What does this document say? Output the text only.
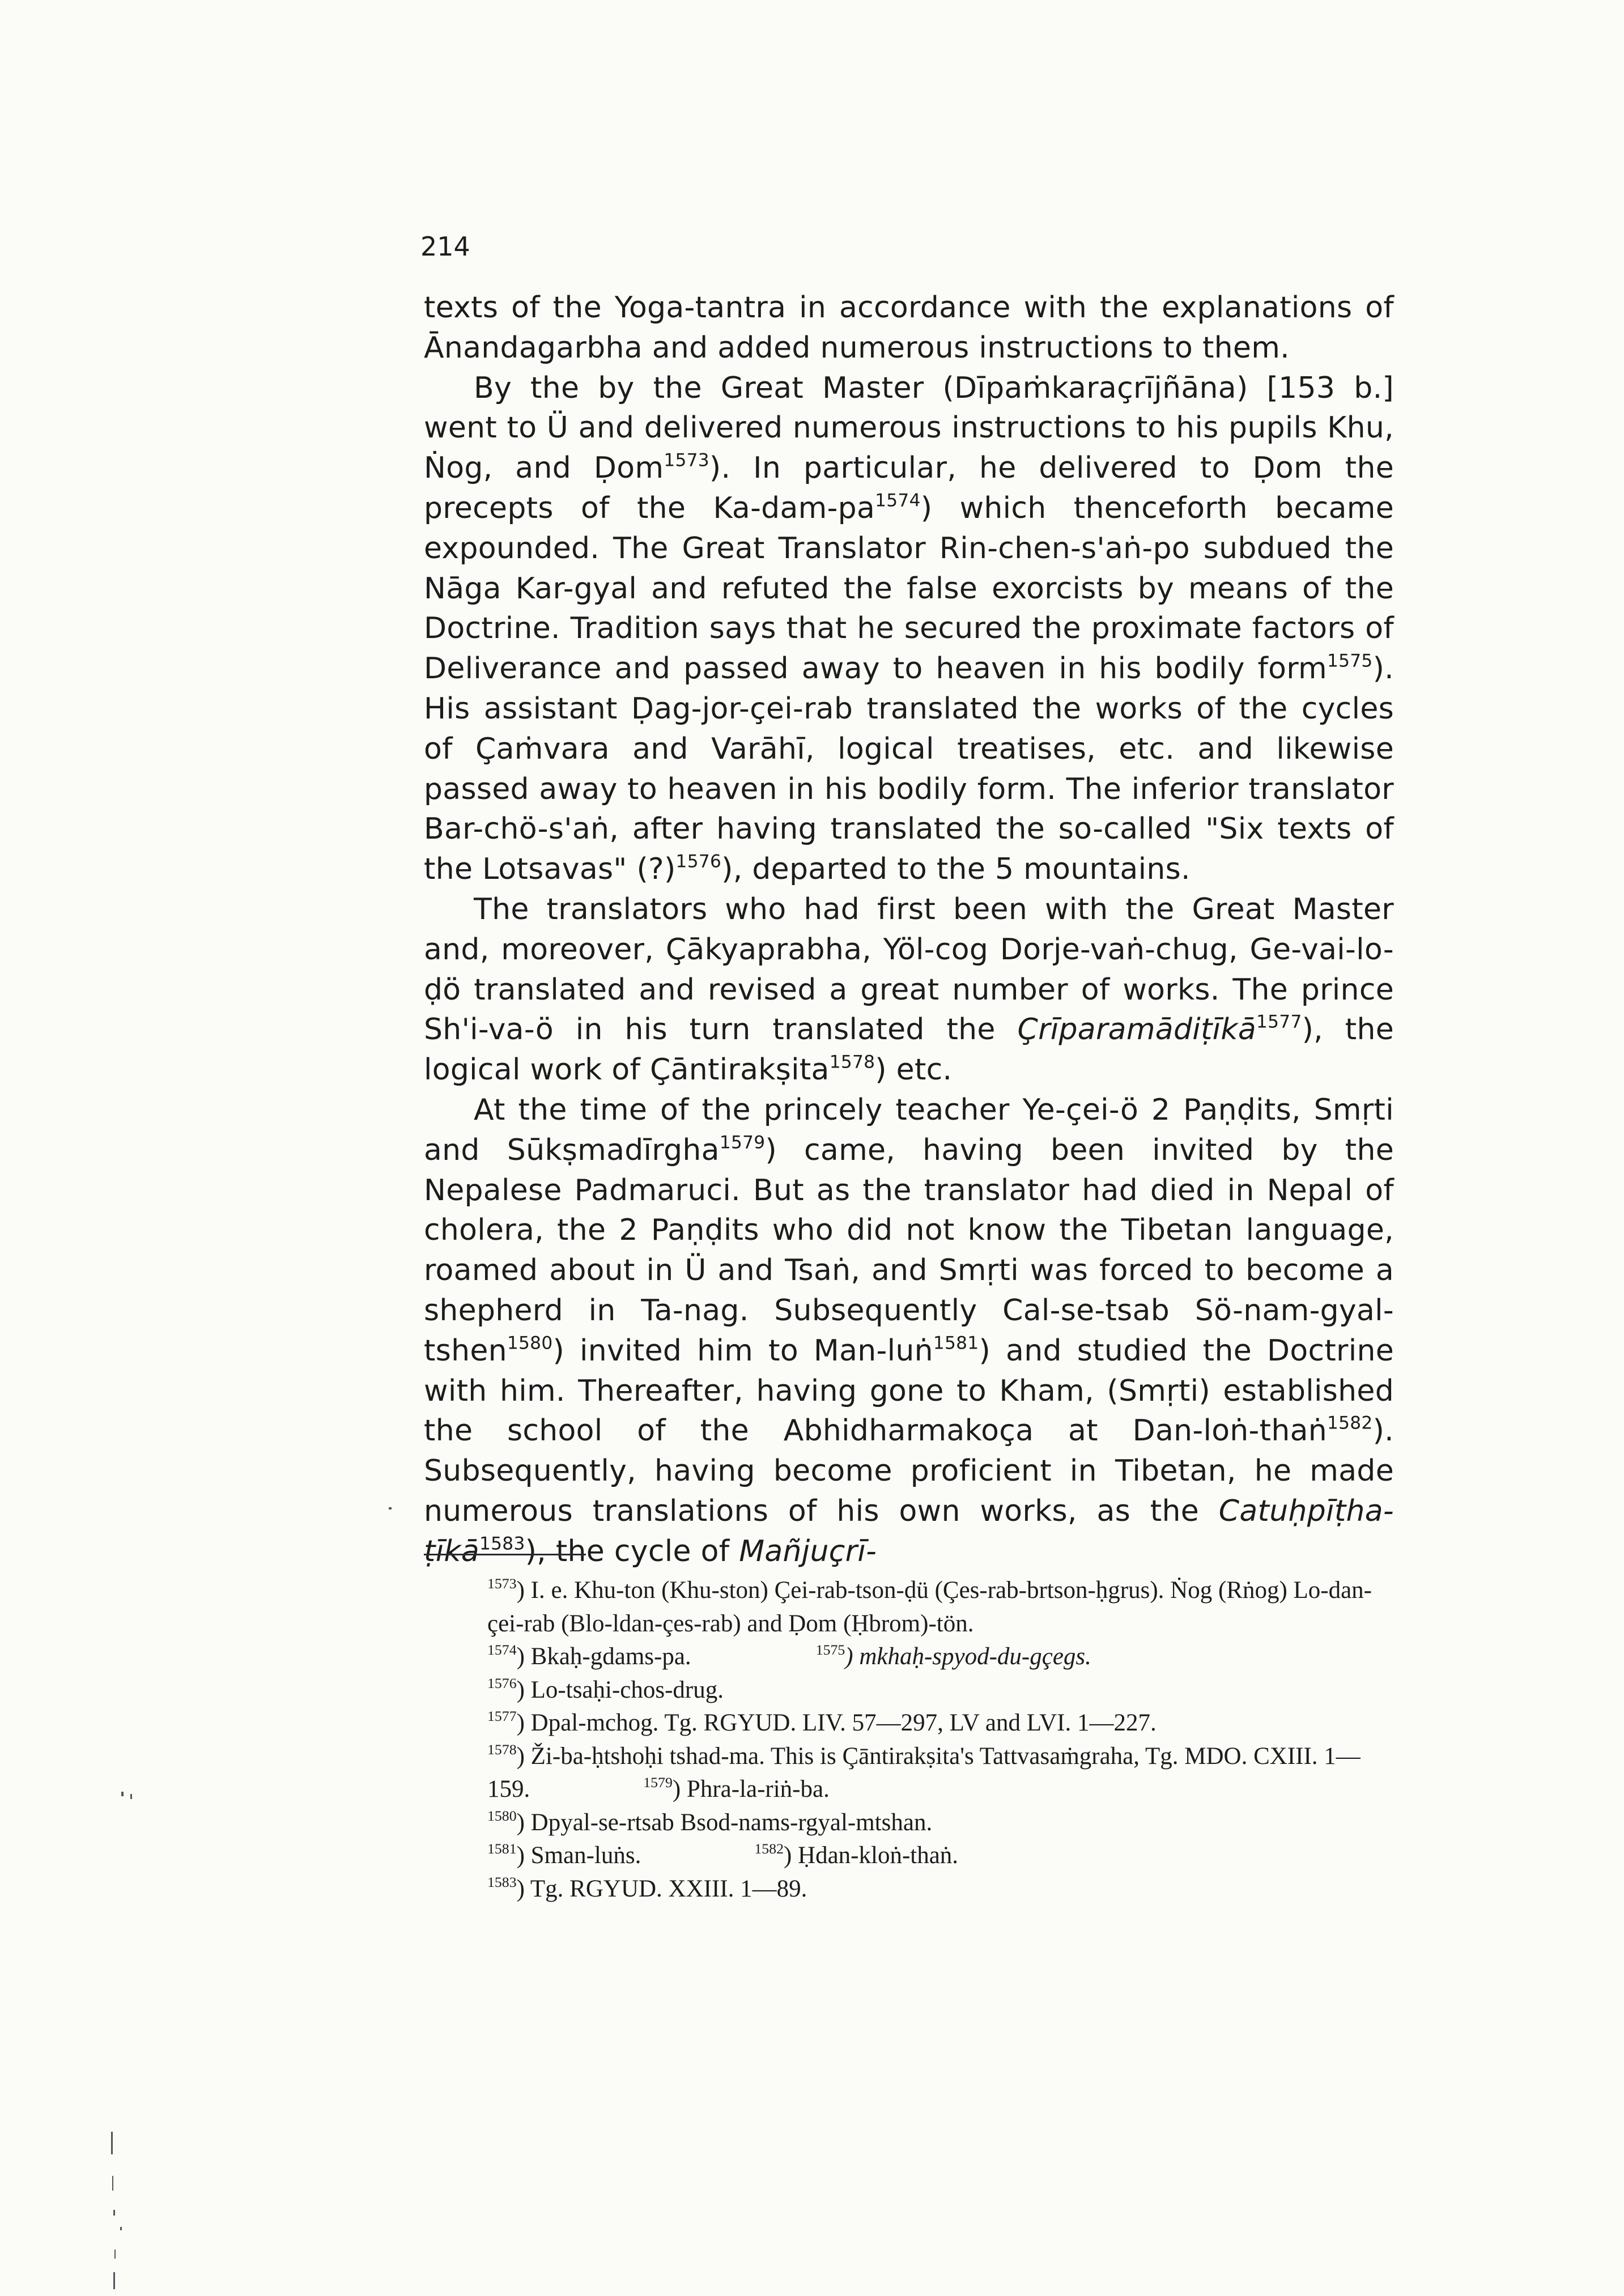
214

texts of the Yoga-tantra in accordance with the explanations of Ānandagarbha and added numerous instructions to them.

By the by the Great Master (Dīpaṁkaraçrījñāna) [153 b.] went to Ü and delivered numerous instructions to his pupils Khu, Ṅog, and Ḍom$^{1573}$). In particular, he delivered to Ḍom the precepts of the $Ka-dam-pa^{1574}$) which thenceforth became expounded. The Great Translator Rin-chen-s'aṅ-po subdued the Nāga Kar-gyal and refuted the false exorcists by means of the Doctrine. Tradition says that he secured the proximate factors of Deliverance and passed away to heaven in his bodily form$^{1575}$). His assistant Ḍag-jor-çei-rab translated the works of the cycles of Çaṁvara and Varāhī, logical treatises, etc. and likewise passed away to heaven in his bodily form. The inferior translator Bar-chö-s'aṅ, after having translated the so-called "Six texts of the Lotsavas" (?)$^{1576}$), departed to the 5 mountains.

The translators who had first been with the Great Master and, moreover, Çākyaprabha, Yöl-cog Dorje-vaṅ-chug, Ge-vai-lo-ḍö translated and revised a great number of works. The prince Sh'i-va-ö in his turn translated the Çrīparamādiṭīkā$^{1577}$), the logical work of Çāntirakṣita$^{1578}$) etc.

At the time of the princely teacher Ye-çei-ö 2 Paṇḍits, Smṛti and Sūkṣmadīrgha$^{1579}$) came, having been invited by the Nepalese Padmaruci. But as the translator had died in Nepal of cholera, the 2 Paṇḍits who did not know the Tibetan language, roamed about in Ü and Tsaṅ, and Smṛti was forced to become a shepherd in Ta-nag. Subsequently Cal-se-tsab Sö-nam-gyal-tshen$^{1580}$) invited him to Man-luṅ$^{1581}$) and studied the Doctrine with him. Thereafter, having gone to Kham, (Smṛti) established the school of the Abhidharmakoça at Dan-loṅ-thaṅ$^{1582}$). Subsequently, having become proficient in Tibetan, he made numerous translations of his own works, as the Catuḥpīṭha-ṭīkā$^{1583}$), the cycle of Mañjuçrī-

$^{1573}$) I. e. Khu-ton (Khu-ston) Çei-rab-tson-ḍü (Çes-rab-brtson-ḥgrus). Ṅog (Rṅog) Lo-dan-çei-rab (Blo-ldan-çes-rab) and Ḍom (Ḥbrom)-tön.

$^{1574}$) Bkaḥ-gdams-pa.	$^{1575}$) mkhaḥ-spyod-du-gçegs.

$^{1576}$) Lo-tsaḥi-chos-drug.

$^{1577}$) Dpal-mchog. Tg. RGYUD. LIV. 57—297, LV and LVI. 1—227.

$^{1578}$) Ži-ba-ḥtshoḥi tshad-ma. This is Çāntirakṣita's Tattvasaṁgraha, Tg. MDO. CXIII. 1—159.	$^{1579}$) Phra-la-riṅ-ba.

$^{1580}$) Dpyal-se-rtsab Bsod-nams-rgyal-mtshan.

$^{1581}$) Sman-luṅs.	$^{1582}$) Ḥdan-kloṅ-thaṅ.

$^{1583}$) Tg. RGYUD. XXIII. 1—89.
